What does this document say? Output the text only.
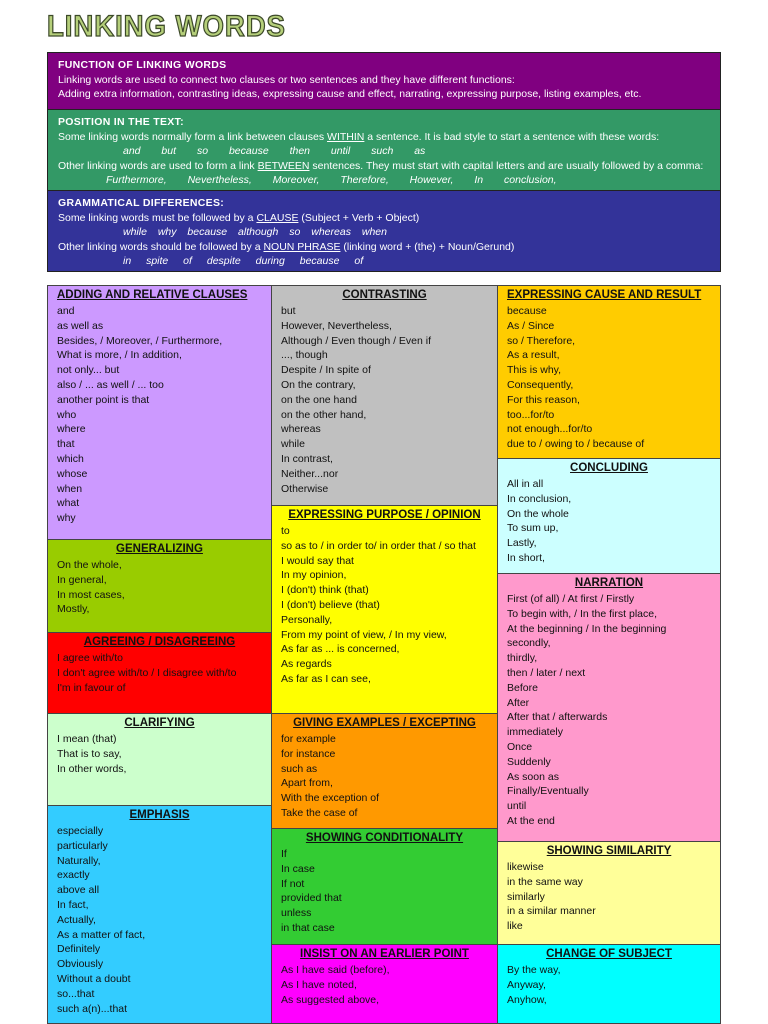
LINKING WORDS
FUNCTION OF LINKING WORDS
Linking words are used to connect two clauses or two sentences and they have different functions:
Adding extra information, contrasting ideas, expressing cause and effect, narrating, expressing purpose, listing examples, etc.
POSITION IN THE TEXT:
Some linking words normally form a link between clauses WITHIN a sentence. It is bad style to start a sentence with these words:
and but so because then until such as
Other linking words are used to form a link BETWEEN sentences. They must start with capital letters and are usually followed by a comma:
Furthermore, Nevertheless, Moreover, Therefore, However, In conclusion,
GRAMMATICAL DIFFERENCES:
Some linking words must be followed by a CLAUSE (Subject + Verb + Object)
while why because although so whereas when
Other linking words should be followed by a NOUN PHRASE (linking word + (the) + Noun/Gerund)
in spite of despite during because of
ADDING AND RELATIVE CLAUSES
and
as well as
Besides, / Moreover, / Furthermore,
What is more, / In addition,
not only... but
also / ... as well / ... too
another point is that
who
where
that
which
whose
when
what
why
GENERALIZING
On the whole,
In general,
In most cases,
Mostly,
AGREEING / DISAGREEING
I agree with/to
I don't agree with/to / I disagree with/to
I'm in favour of
CLARIFYING
I mean (that)
That is to say,
In other words,
EMPHASIS
especially
particularly
Naturally,
exactly
above all
In fact,
Actually,
As a matter of fact,
Definitely
Obviously
Without a doubt
so...that
such a(n)...that
CONTRASTING
but
However, Nevertheless,
Although / Even though / Even if
..., though
Despite / In spite of
On the contrary,
on the one hand
on the other hand,
whereas
while
In contrast,
Neither...nor
Otherwise
EXPRESSING PURPOSE / OPINION
to
so as to / in order to/ in order that / so that
I would say that
In my opinion,
I (don't) think (that)
I (don't) believe (that)
Personally,
From my point of view, / In my view,
As far as ... is concerned,
As regards
As far as I can see,
GIVING EXAMPLES / EXCEPTING
for example
for instance
such as
Apart from,
With the exception of
Take the case of
SHOWING CONDITIONALITY
If
In case
If not
provided that
unless
in that case
INSIST ON AN EARLIER POINT
As I have said (before),
As I have noted,
As suggested above,
EXPRESSING CAUSE AND RESULT
because
As / Since
so / Therefore,
As a result,
This is why,
Consequently,
For this reason,
too...for/to
not enough...for/to
due to / owing to / because of
CONCLUDING
All in all
In conclusion,
On the whole
To sum up,
Lastly,
In short,
NARRATION
First (of all) / At first / Firstly
To begin with, / In the first place,
At the beginning / In the beginning
secondly,
thirdly,
then / later / next
Before
After
After that / afterwards
immediately
Once
Suddenly
As soon as
Finally/Eventually
until
At the end
SHOWING SIMILARITY
likewise
in the same way
similarly
in a similar manner
like
CHANGE OF SUBJECT
By the way,
Anyway,
Anyhow,
